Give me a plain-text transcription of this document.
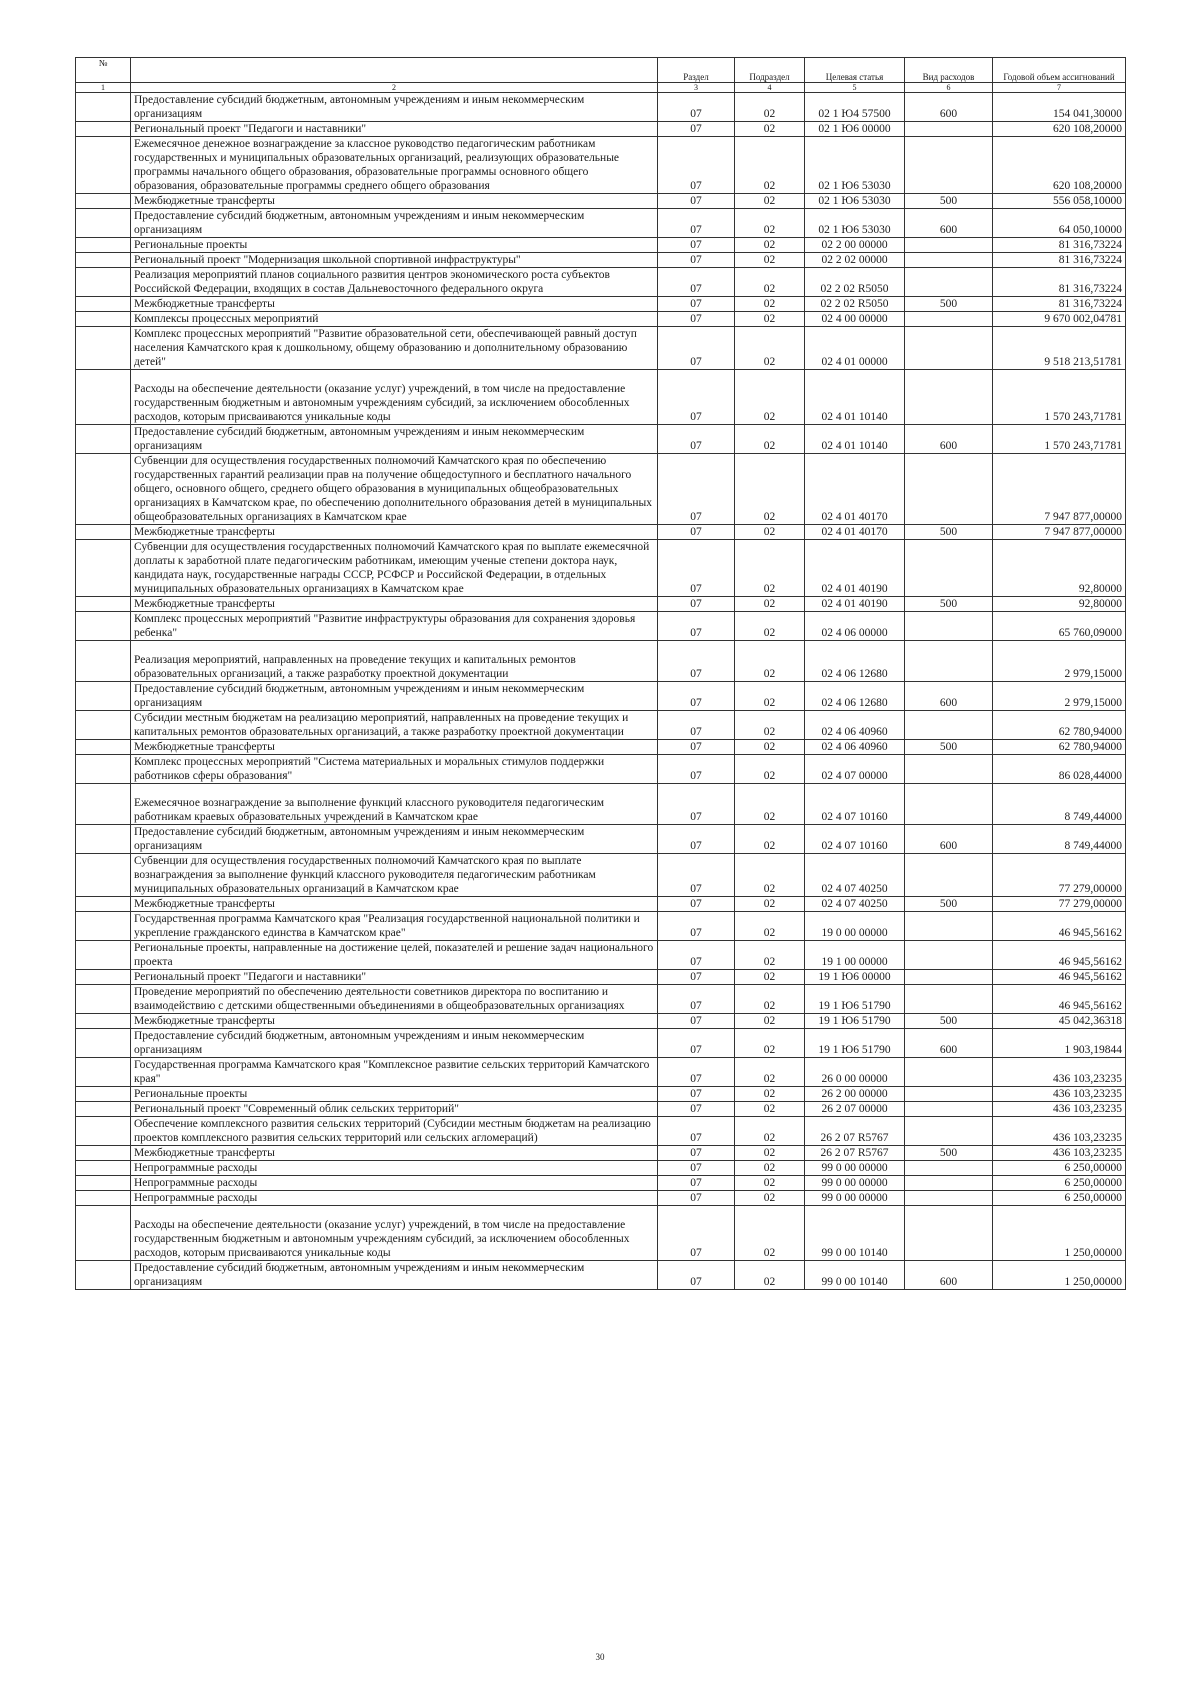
№		Раздел	Подраздел	Целевая статья	Вид расходов	Годовой объем ассигнований
1	2	3	4	5	6	7
	Предоставление субсидий бюджетным, автономным учреждениям и иным некоммерческим организациям	07	02	02 1 Ю4 57500	600	154 041,30000
	Региональный проект "Педагоги и наставники"	07	02	02 1 Ю6 00000		620 108,20000
	Ежемесячное денежное вознаграждение за классное руководство педагогическим работникам государственных и муниципальных образовательных организаций, реализующих образовательные программы начального общего образования, образовательные программы основного общего образования, образовательные программы среднего общего образования	07	02	02 1 Ю6 53030		620 108,20000
	Межбюджетные трансферты	07	02	02 1 Ю6 53030	500	556 058,10000
	Предоставление субсидий бюджетным, автономным учреждениям и иным некоммерческим организациям	07	02	02 1 Ю6 53030	600	64 050,10000
	Региональные проекты	07	02	02 2 00 00000		81 316,73224
	Региональный проект "Модернизация школьной спортивной инфраструктуры"	07	02	02 2 02 00000		81 316,73224
	Реализация мероприятий планов социального развития центров экономического роста субъектов Российской Федерации, входящих в состав Дальневосточного федерального округа	07	02	02 2 02 R5050		81 316,73224
	Межбюджетные трансферты	07	02	02 2 02 R5050	500	81 316,73224
	Комплексы процессных мероприятий	07	02	02 4 00 00000		9 670 002,04781
	Комплекс процессных мероприятий "Развитие образовательной сети, обеспечивающей равный доступ населения Камчатского края к дошкольному, общему образованию и дополнительному образованию детей"	07	02	02 4 01 00000		9 518 213,51781

Расходы на обеспечение деятельности (оказание услуг) учреждений, в том числе на предоставление государственным бюджетным и автономным учреждениям субсидий, за исключением обособленных расходов, которым присваиваются уникальные коды	07	02	02 4 01 10140		1 570 243,71781
	Предоставление субсидий бюджетным, автономным учреждениям и иным некоммерческим организациям	07	02	02 4 01 10140	600	1 570 243,71781
	Субвенции для осуществления государственных полномочий Камчатского края по обеспечению государственных гарантий реализации прав на получение общедоступного и бесплатного начального общего, основного общего, среднего общего образования в муниципальных общеобразовательных организациях в Камчатском крае, по обеспечению дополнительного образования детей в муниципальных общеобразовательных организациях в Камчатском крае	07	02	02 4 01 40170		7 947 877,00000
	Межбюджетные трансферты	07	02	02 4 01 40170	500	7 947 877,00000
	Субвенции для осуществления государственных полномочий Камчатского края по выплате ежемесячной доплаты к заработной плате педагогическим работникам, имеющим ученые степени доктора наук, кандидата наук, государственные награды СССР, РСФСР и Российской Федерации, в отдельных муниципальных образовательных организациях в Камчатском крае	07	02	02 4 01 40190		92,80000
	Межбюджетные трансферты	07	02	02 4 01 40190	500	92,80000
	Комплекс процессных мероприятий "Развитие инфраструктуры образования для сохранения здоровья ребенка"	07	02	02 4 06 00000		65 760,09000

Реализация мероприятий, направленных на проведение текущих и капитальных ремонтов образовательных организаций, а также разработку проектной документации	07	02	02 4 06 12680		2 979,15000
	Предоставление субсидий бюджетным, автономным учреждениям и иным некоммерческим организациям	07	02	02 4 06 12680	600	2 979,15000
	Субсидии местным бюджетам на реализацию мероприятий, направленных на проведение текущих и капитальных ремонтов образовательных организаций, а также разработку проектной документации	07	02	02 4 06 40960		62 780,94000
	Межбюджетные трансферты	07	02	02 4 06 40960	500	62 780,94000
	Комплекс процессных мероприятий "Система материальных и моральных стимулов поддержки работников сферы образования"	07	02	02 4 07 00000		86 028,44000

Ежемесячное вознаграждение за выполнение функций классного руководителя педагогическим работникам краевых образовательных учреждений в Камчатском крае	07	02	02 4 07 10160		8 749,44000
	Предоставление субсидий бюджетным, автономным учреждениям и иным некоммерческим организациям	07	02	02 4 07 10160	600	8 749,44000
	Субвенции для осуществления государственных полномочий Камчатского края по выплате вознаграждения за выполнение функций классного руководителя педагогическим работникам муниципальных образовательных организаций в Камчатском крае	07	02	02 4 07 40250		77 279,00000
	Межбюджетные трансферты	07	02	02 4 07 40250	500	77 279,00000
	Государственная программа Камчатского края "Реализация государственной национальной политики и укрепление гражданского единства в Камчатском крае"	07	02	19 0 00 00000		46 945,56162
	Региональные проекты, направленные на достижение целей, показателей и решение задач национального проекта	07	02	19 1 00 00000		46 945,56162
	Региональный проект "Педагоги и наставники"	07	02	19 1 Ю6 00000		46 945,56162
	Проведение мероприятий по обеспечению деятельности советников директора по воспитанию и взаимодействию с детскими общественными объединениями в общеобразовательных организациях	07	02	19 1 Ю6 51790		46 945,56162
	Межбюджетные трансферты	07	02	19 1 Ю6 51790	500	45 042,36318
	Предоставление субсидий бюджетным, автономным учреждениям и иным некоммерческим организациям	07	02	19 1 Ю6 51790	600	1 903,19844
	Государственная программа Камчатского края "Комплексное развитие сельских территорий Камчатского края"	07	02	26 0 00 00000		436 103,23235
	Региональные проекты	07	02	26 2 00 00000		436 103,23235
	Региональный проект "Современный облик сельских территорий"	07	02	26 2 07 00000		436 103,23235
	Обеспечение комплексного развития сельских территорий (Субсидии местным бюджетам на реализацию проектов комплексного развития сельских территорий или сельских агломераций)	07	02	26 2 07 R5767		436 103,23235
	Межбюджетные трансферты	07	02	26 2 07 R5767	500	436 103,23235
	Непрограммные расходы	07	02	99 0 00 00000		6 250,00000
	Непрограммные расходы	07	02	99 0 00 00000		6 250,00000
	Непрограммные расходы	07	02	99 0 00 00000		6 250,00000

Расходы на обеспечение деятельности (оказание услуг) учреждений, в том числе на предоставление государственным бюджетным и автономным учреждениям субсидий, за исключением обособленных расходов, которым присваиваются уникальные коды	07	02	99 0 00 10140		1 250,00000
	Предоставление субсидий бюджетным, автономным учреждениям и иным некоммерческим организациям	07	02	99 0 00 10140	600	1 250,00000
30
